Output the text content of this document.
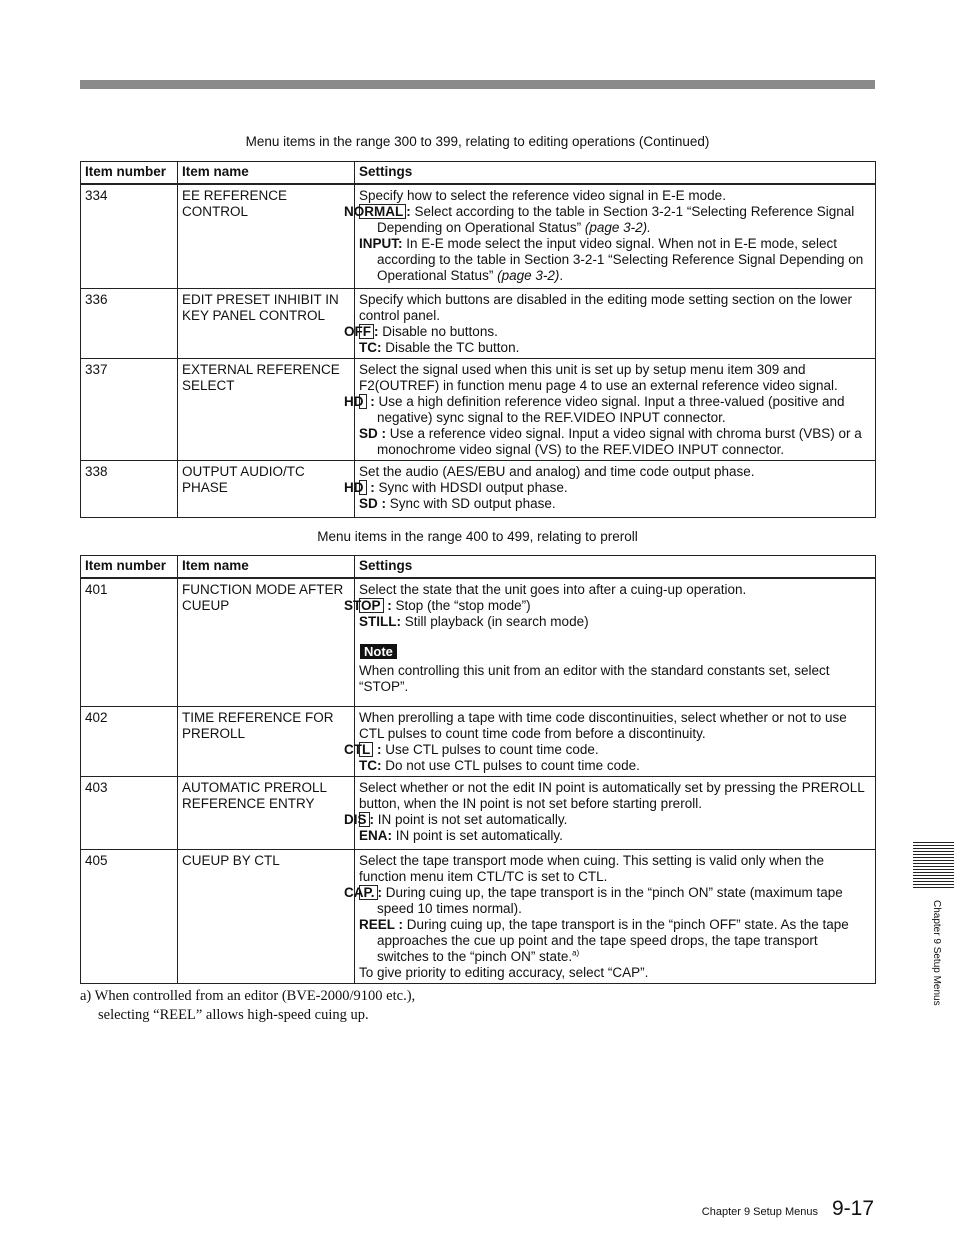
Menu items in the range 300 to 399, relating to editing operations (Continued)
Item number	Item name	Settings
334	EE REFERENCE CONTROL	Specify how to select the reference video signal in E-E mode.
NORMAL : Select according to the table in Section 3-2-1 “Selecting Reference Signal Depending on Operational Status” (page 3-2).
INPUT: In E-E mode select the input video signal. When not in E-E mode, select according to the table in Section 3-2-1 “Selecting Reference Signal Depending on Operational Status” (page 3-2).

336	EDIT PRESET INHIBIT IN KEY PANEL CONTROL	Specify which buttons are disabled in the editing mode setting section on the lower control panel.
OFF : Disable no buttons.
TC: Disable the TC button.

337	EXTERNAL REFERENCE SELECT	Select the signal used when this unit is set up by setup menu item 309 and F2(OUTREF) in function menu page 4 to use an external reference video signal.
HD : Use a high definition reference video signal. Input a three-valued (positive and negative) sync signal to the REF.VIDEO INPUT connector.
SD : Use a reference video signal. Input a video signal with chroma burst (VBS) or a monochrome video signal (VS) to the REF.VIDEO INPUT connector.

338	OUTPUT AUDIO/TC PHASE	Set the audio (AES/EBU and analog) and time code output phase.
HD : Sync with HDSDI output phase.
SD : Sync with SD output phase.
Menu items in the range 400 to 499, relating to preroll
Item number	Item name	Settings
401	FUNCTION MODE AFTER CUEUP	Select the state that the unit goes into after a cuing-up operation.
STOP : Stop (the “stop mode”)
STILL: Still playback (in search mode)
Note
When controlling this unit from an editor with the standard constants set, select “STOP”.

402	TIME REFERENCE FOR PREROLL	When prerolling a tape with time code discontinuities, select whether or not to use CTL pulses to count time code from before a discontinuity.
CTL : Use CTL pulses to count time code.
TC: Do not use CTL pulses to count time code.

403	AUTOMATIC PREROLL REFERENCE ENTRY	Select whether or not the edit IN point is automatically set by pressing the PREROLL button, when the IN point is not set before starting preroll.
DIS : IN point is not set automatically.
ENA: IN point is set automatically.

405	CUEUP BY CTL	Select the tape transport mode when cuing. This setting is valid only when the function menu item CTL/TC is set to CTL.
CAP. : During cuing up, the tape transport is in the “pinch ON” state (maximum tape speed 10 times normal).
REEL : During cuing up, the tape transport is in the “pinch OFF” state. As the tape approaches the cue up point and the tape speed drops, the tape transport switches to the “pinch ON” state.$^{a)}$
To give priority to editing accuracy, select “CAP”.
a) When controlled from an editor (BVE-2000/9100 etc.),
selecting “REEL” allows high-speed cuing up.
Chapter 9 Setup Menus
Chapter 9 Setup Menus 9-17
